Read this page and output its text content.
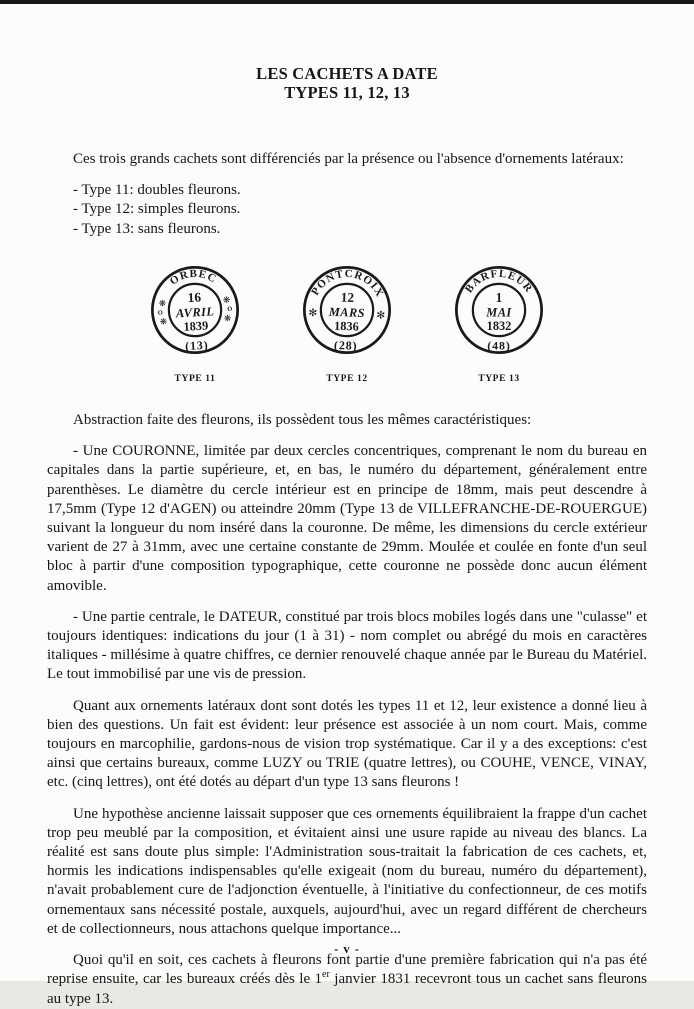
LES CACHETS A DATE
TYPES 11, 12, 13
Ces trois grands cachets sont différenciés par la présence ou l'absence d'ornements latéraux:
- Type 11: doubles fleurons.
- Type 12: simples fleurons.
- Type 13: sans fleurons.
ORBEC
16
AVRIL
1839
(13)
❋
O
❋
❋
O
❋
TYPE 11
PONTCROIX
12
MARS
1836
(28)
✻	✻
TYPE 12
BARFLEUR
1
MAI
1832
(48)
TYPE 13
Abstraction faite des fleurons, ils possèdent tous les mêmes caractéristiques:
- Une COURONNE, limitée par deux cercles concentriques, comprenant le nom du bureau en capitales dans la partie supérieure, et, en bas, le numéro du département, généralement entre parenthèses. Le diamètre du cercle intérieur est en principe de 18mm, mais peut descendre à 17,5mm (Type 12 d'AGEN) ou atteindre 20mm (Type 13 de VILLEFRANCHE-DE-ROUERGUE) suivant la longueur du nom inséré dans la couronne. De même, les dimensions du cercle extérieur varient de 27 à 31mm, avec une certaine constante de 29mm. Moulée et coulée en fonte d'un seul bloc à partir d'une composition typographique, cette couronne ne possède donc aucun élément amovible.
- Une partie centrale, le DATEUR, constitué par trois blocs mobiles logés dans une "culasse" et toujours identiques: indications du jour (1 à 31) - nom complet ou abrégé du mois en caractères italiques - millésime à quatre chiffres, ce dernier renouvelé chaque année par le Bureau du Matériel. Le tout immobilisé par une vis de pression.
Quant aux ornements latéraux dont sont dotés les types 11 et 12, leur existence a donné lieu à bien des questions. Un fait est évident: leur présence est associée à un nom court. Mais, comme toujours en marcophilie, gardons-nous de vision trop systématique. Car il y a des exceptions: c'est ainsi que certains bureaux, comme LUZY ou TRIE (quatre lettres), ou COUHE, VENCE, VINAY, etc. (cinq lettres), ont été dotés au départ d'un type 13 sans fleurons !
Une hypothèse ancienne laissait supposer que ces ornements équilibraient la frappe d'un cachet trop peu meublé par la composition, et évitaient ainsi une usure rapide au niveau des blancs. La réalité est sans doute plus simple: l'Administration sous-traitait la fabrication de ces cachets, et, hormis les indications indispensables qu'elle exigeait (nom du bureau, numéro du département), n'avait probablement cure de l'adjonction éventuelle, à l'initiative du confectionneur, de ces motifs ornementaux sans nécessité postale, auxquels, aujourd'hui, avec un regard différent de chercheurs et de collectionneurs, nous attachons quelque importance...
Quoi qu'il en soit, ces cachets à fleurons font partie d'une première fabrication qui n'a pas été reprise ensuite, car les bureaux créés dès le 1er janvier 1831 recevront tous un cachet sans fleurons au type 13.
- v -
